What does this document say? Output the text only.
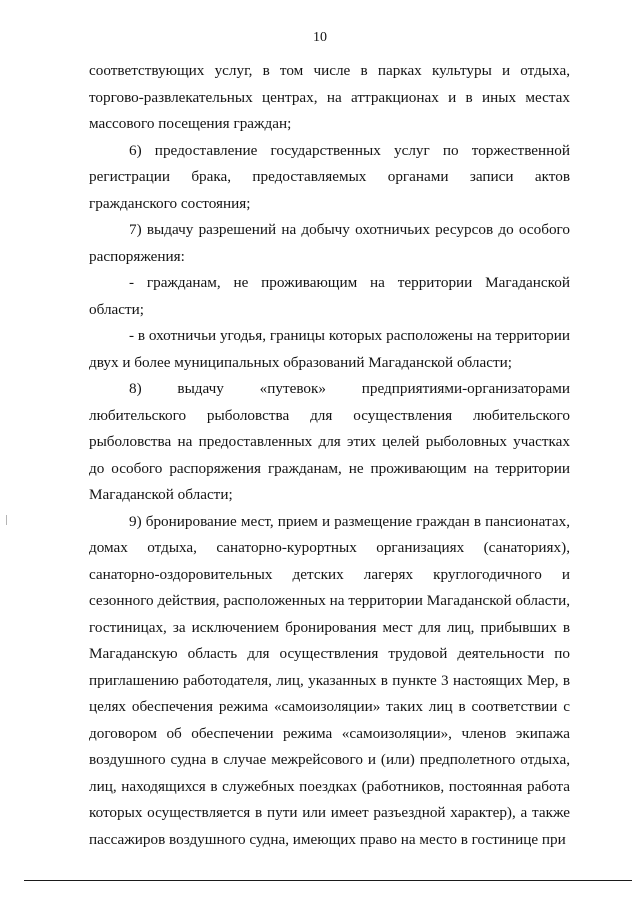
10

соответствующих услуг, в том числе в парках культуры и отдыха, торгово-развлекательных центрах, на аттракционах и в иных местах массового посещения граждан;

6) предоставление государственных услуг по торжественной регистрации брака, предоставляемых органами записи актов гражданского состояния;

7) выдачу разрешений на добычу охотничьих ресурсов до особого распоряжения:

- гражданам, не проживающим на территории Магаданской области;

- в охотничьи угодья, границы которых расположены на территории двух и более муниципальных образований Магаданской области;

8) выдачу «путевок» предприятиями-организаторами любительского рыболовства для осуществления любительского рыболовства на предоставленных для этих целей рыболовных участках до особого распоряжения гражданам, не проживающим на территории Магаданской области;

9) бронирование мест, прием и размещение граждан в пансионатах, домах отдыха, санаторно-курортных организациях (санаториях), санаторно-оздоровительных детских лагерях круглогодичного и сезонного действия, расположенных на территории Магаданской области, гостиницах, за исключением бронирования мест для лиц, прибывших в Магаданскую область для осуществления трудовой деятельности по приглашению работодателя, лиц, указанных в пункте 3 настоящих Мер, в целях обеспечения режима «самоизоляции» таких лиц в соответствии с договором об обеспечении режима «самоизоляции», членов экипажа воздушного судна в случае межрейсового и (или) предполетного отдыха, лиц, находящихся в служебных поездках (работников, постоянная работа которых осуществляется в пути или имеет разъездной характер), а также пассажиров воздушного судна, имеющих право на место в гостинице при
